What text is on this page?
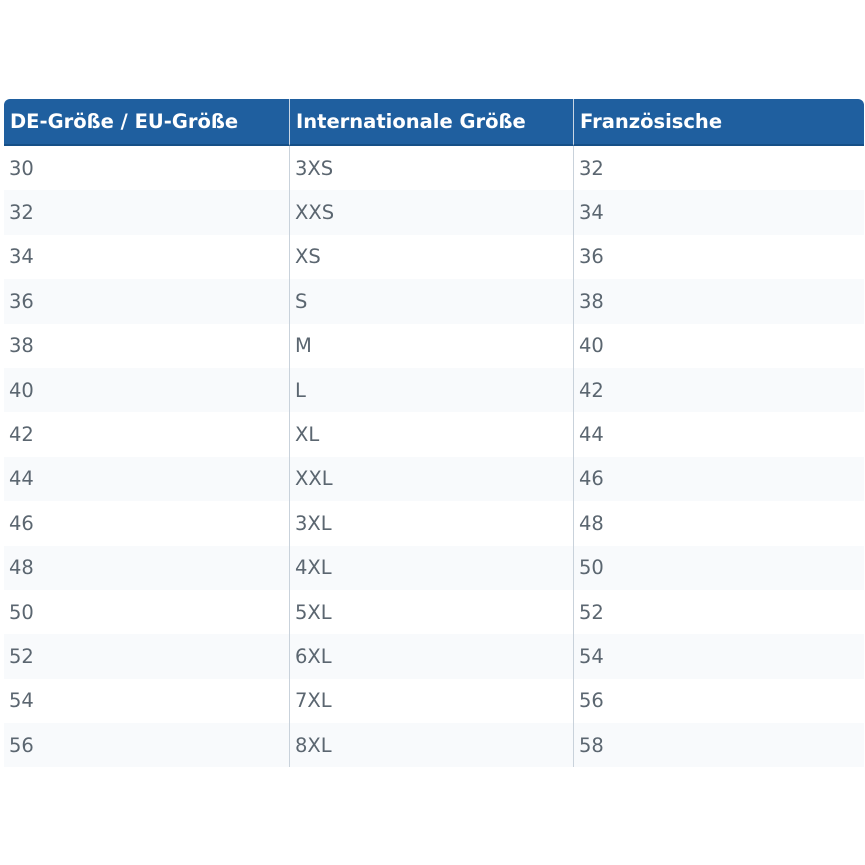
DE-Größe / EU-Größe	Internationale Größe	Französische
30	3XS	32
32	XXS	34
34	XS	36
36	S	38
38	M	40
40	L	42
42	XL	44
44	XXL	46
46	3XL	48
48	4XL	50
50	5XL	52
52	6XL	54
54	7XL	56
56	8XL	58
